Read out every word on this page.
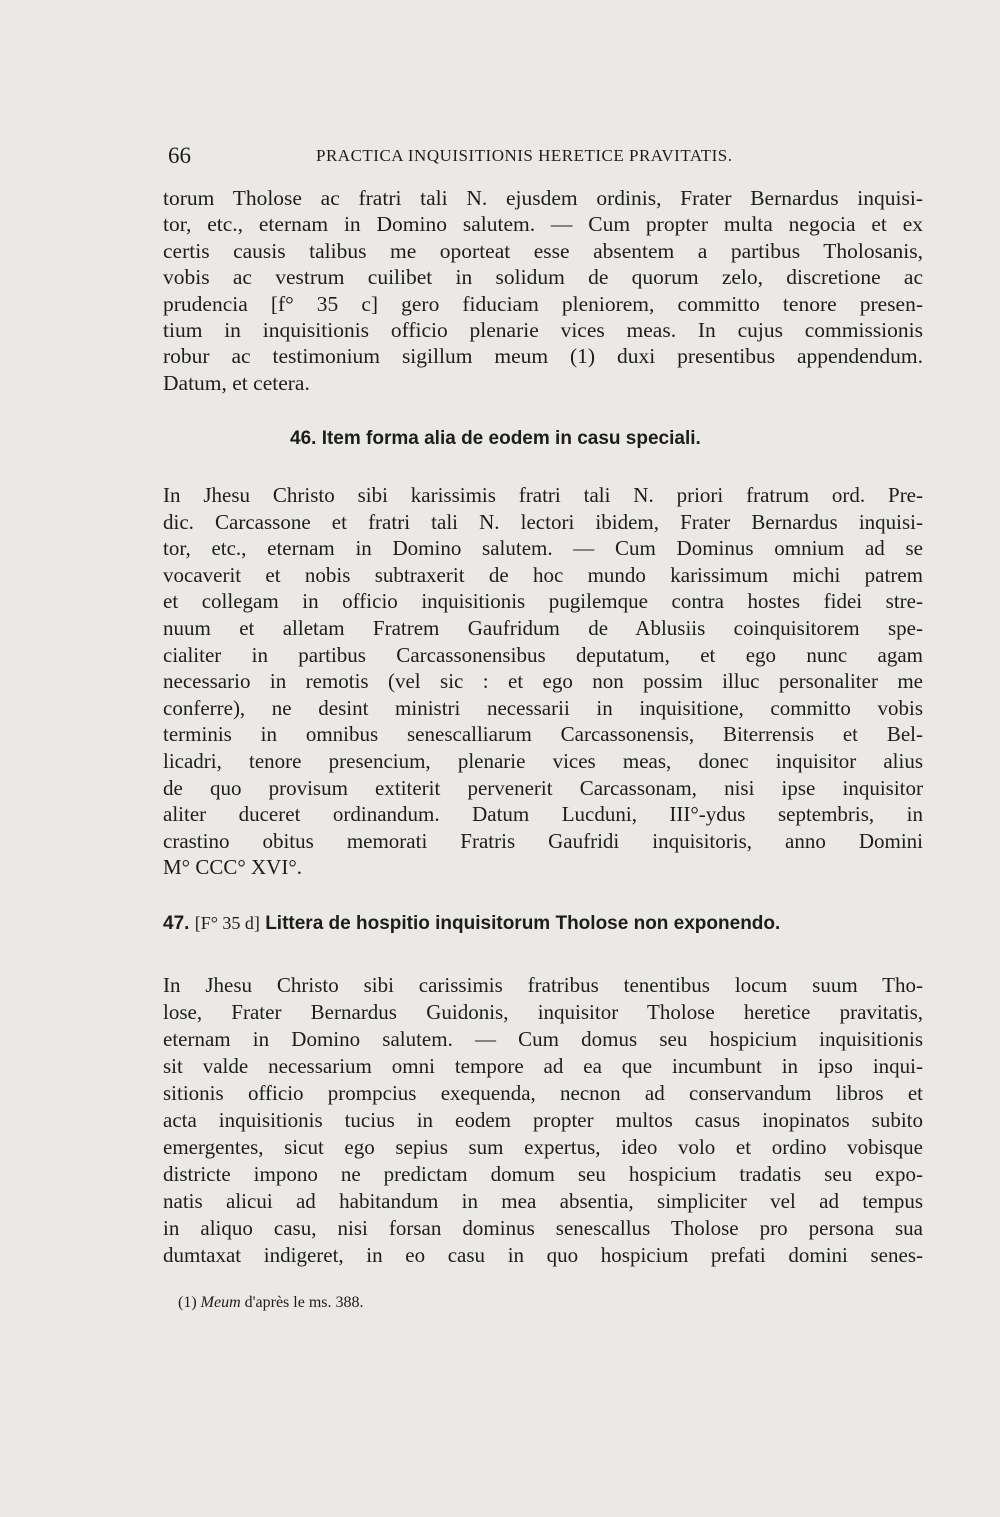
66	PRACTICA INQUISITIONIS HERETICE PRAVITATIS.
torum Tholose ac fratri tali N. ejusdem ordinis, Frater Bernardus inquisi-
tor, etc., eternam in Domino salutem. — Cum propter multa negocia et ex
certis causis talibus me oporteat esse absentem a partibus Tholosanis,
vobis ac vestrum cuilibet in solidum de quorum zelo, discretione ac
prudencia [f° 35 c] gero fiduciam pleniorem, committo tenore presen-
tium in inquisitionis officio plenarie vices meas. In cujus commissionis
robur ac testimonium sigillum meum (1) duxi presentibus appendendum.
Datum, et cetera.
46. Item forma alia de eodem in casu speciali.
In Jhesu Christo sibi karissimis fratri tali N. priori fratrum ord. Pre-
dic. Carcassone et fratri tali N. lectori ibidem, Frater Bernardus inquisi-
tor, etc., eternam in Domino salutem. — Cum Dominus omnium ad se
vocaverit et nobis subtraxerit de hoc mundo karissimum michi patrem
et collegam in officio inquisitionis pugilemque contra hostes fidei stre-
nuum et alletam Fratrem Gaufridum de Ablusiis coinquisitorem spe-
cialiter in partibus Carcassonensibus deputatum, et ego nunc agam
necessario in remotis (vel sic : et ego non possim illuc personaliter me
conferre), ne desint ministri necessarii in inquisitione, committo vobis
terminis in omnibus senescalliarum Carcassonensis, Biterrensis et Bel-
licadri, tenore presencium, plenarie vices meas, donec inquisitor alius
de quo provisum extiterit pervenerit Carcassonam, nisi ipse inquisitor
aliter duceret ordinandum. Datum Lucduni, III°-ydus septembris, in
crastino obitus memorati Fratris Gaufridi inquisitoris, anno Domini
M° CCC° XVI°.
47. [F° 35 d] Littera de hospitio inquisitorum Tholose non exponendo.
In Jhesu Christo sibi carissimis fratribus tenentibus locum suum Tho-
lose, Frater Bernardus Guidonis, inquisitor Tholose heretice pravitatis,
eternam in Domino salutem. — Cum domus seu hospicium inquisitionis
sit valde necessarium omni tempore ad ea que incumbunt in ipso inqui-
sitionis officio prompcius exequenda, necnon ad conservandum libros et
acta inquisitionis tucius in eodem propter multos casus inopinatos subito
emergentes, sicut ego sepius sum expertus, ideo volo et ordino vobisque
districte impono ne predictam domum seu hospicium tradatis seu expo-
natis alicui ad habitandum in mea absentia, simpliciter vel ad tempus
in aliquo casu, nisi forsan dominus senescallus Tholose pro persona sua
dumtaxat indigeret, in eo casu in quo hospicium prefati domini senes-
(1) Meum d'après le ms. 388.
